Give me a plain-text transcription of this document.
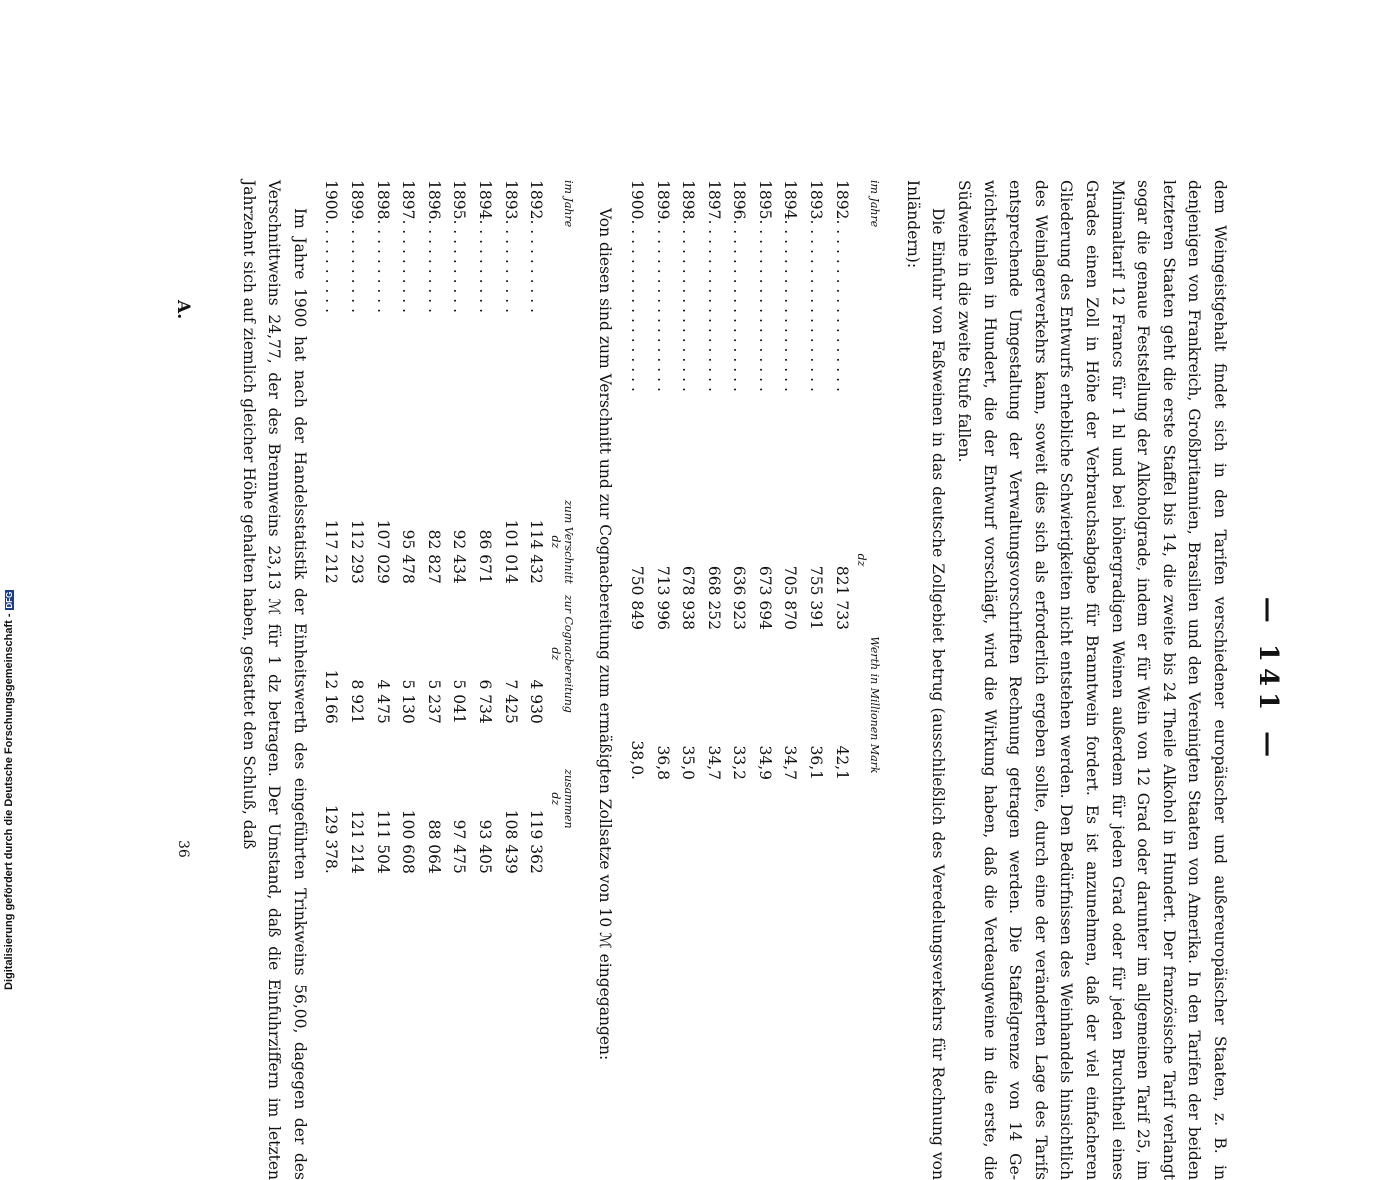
— 141 —

dem Weingeistgehalt findet sich in den Tarifen verschiedener europäischer und außereuropäischer Staaten, z. B. in denjenigen von Frankreich, Großbritannien, Brasilien und den Vereinigten Staaten von Amerika. In den Tarifen der beiden letzteren Staaten geht die erste Staffel bis 14, die zweite bis 24 Theile Alkohol in Hundert. Der französische Tarif verlangt sogar die genaue Feststellung der Alkoholgrade, indem er für Wein von 12 Grad oder darunter im allgemeinen Tarif 25, im Minimaltarif 12 Francs für 1 hl und bei höhergradigen Weinen außerdem für jeden Grad oder für jeden Bruchtheil eines Grades einen Zoll in Höhe der Verbrauchsabgabe für Branntwein fordert. Es ist anzunehmen, daß der viel einfacheren Gliederung des Entwurfs erhebliche Schwierigkeiten nicht entstehen werden. Den Bedürfnissen des Weinhandels hinsichtlich des Weinlagerverkehrs kann, soweit dies sich als erforderlich ergeben sollte, durch eine der veränderten Lage des Tarifs entsprechende Umgestaltung der Verwaltungsvorschriften Rechnung getragen werden. Die Staffelgrenze von 14 Gewichtstheilen in Hundert, die der Entwurf vorschlägt, wird die Wirkung haben, daß die Verdeaugweine in die erste, die Südweine in die zweite Stufe fallen.

Die Einfuhr von Faßweinen in das deutsche Zollgebiet betrug (ausschließlich des Veredelungsverkehrs für Rechnung von Inländern):

im Jahre		Werth in Millionen Mark
	dz	
1892. . . . . . . . . . . . . . . . . .	821 733	42,1
1893. . . . . . . . . . . . . . . . . .	755 391	36,1
1894. . . . . . . . . . . . . . . . . .	705 870	34,7
1895. . . . . . . . . . . . . . . . . .	673 694	34,9
1896. . . . . . . . . . . . . . . . . .	636 923	33,2
1897. . . . . . . . . . . . . . . . . .	668 252	34,7
1898. . . . . . . . . . . . . . . . . .	678 938	35,0
1899. . . . . . . . . . . . . . . . . .	713 996	36,8
1900. . . . . . . . . . . . . . . . . .	750 849	38,0.

Von diesen sind zum Verschnitt und zur Cognacbereitung zum ermäßigten Zollsatze von 10 ℳ eingegangen:

im Jahre	zum Verschnitt	zur Cognacbereitung	zusammen
	dz	dz	dz
1892. . . . . . . . . .	114 432	4 930	119 362
1893. . . . . . . . . .	101 014	7 425	108 439
1894. . . . . . . . . .	86 671	6 734	93 405
1895. . . . . . . . . .	92 434	5 041	97 475
1896. . . . . . . . . .	82 827	5 237	88 064
1897. . . . . . . . . .	95 478	5 130	100 608
1898. . . . . . . . . .	107 029	4 475	111 504
1899. . . . . . . . . .	112 293	8 921	121 214
1900. . . . . . . . . .	117 212	12 166	129 378.

Im Jahre 1900 hat nach der Handelsstatistik der Einheitswerth des eingeführten Trinkweins 56,00, dagegen der des Verschnittweins 24,77, der des Brennweins 23,13 ℳ für 1 dz betragen. Der Umstand, daß die Einfuhrziffern im letzten Jahrzehnt sich auf ziemlich gleicher Höhe gehalten haben, gestattet den Schluß, daß

A.
36
Digitalisierung gefördert durch die Deutsche Forschungsgemeinschaft -DFG
